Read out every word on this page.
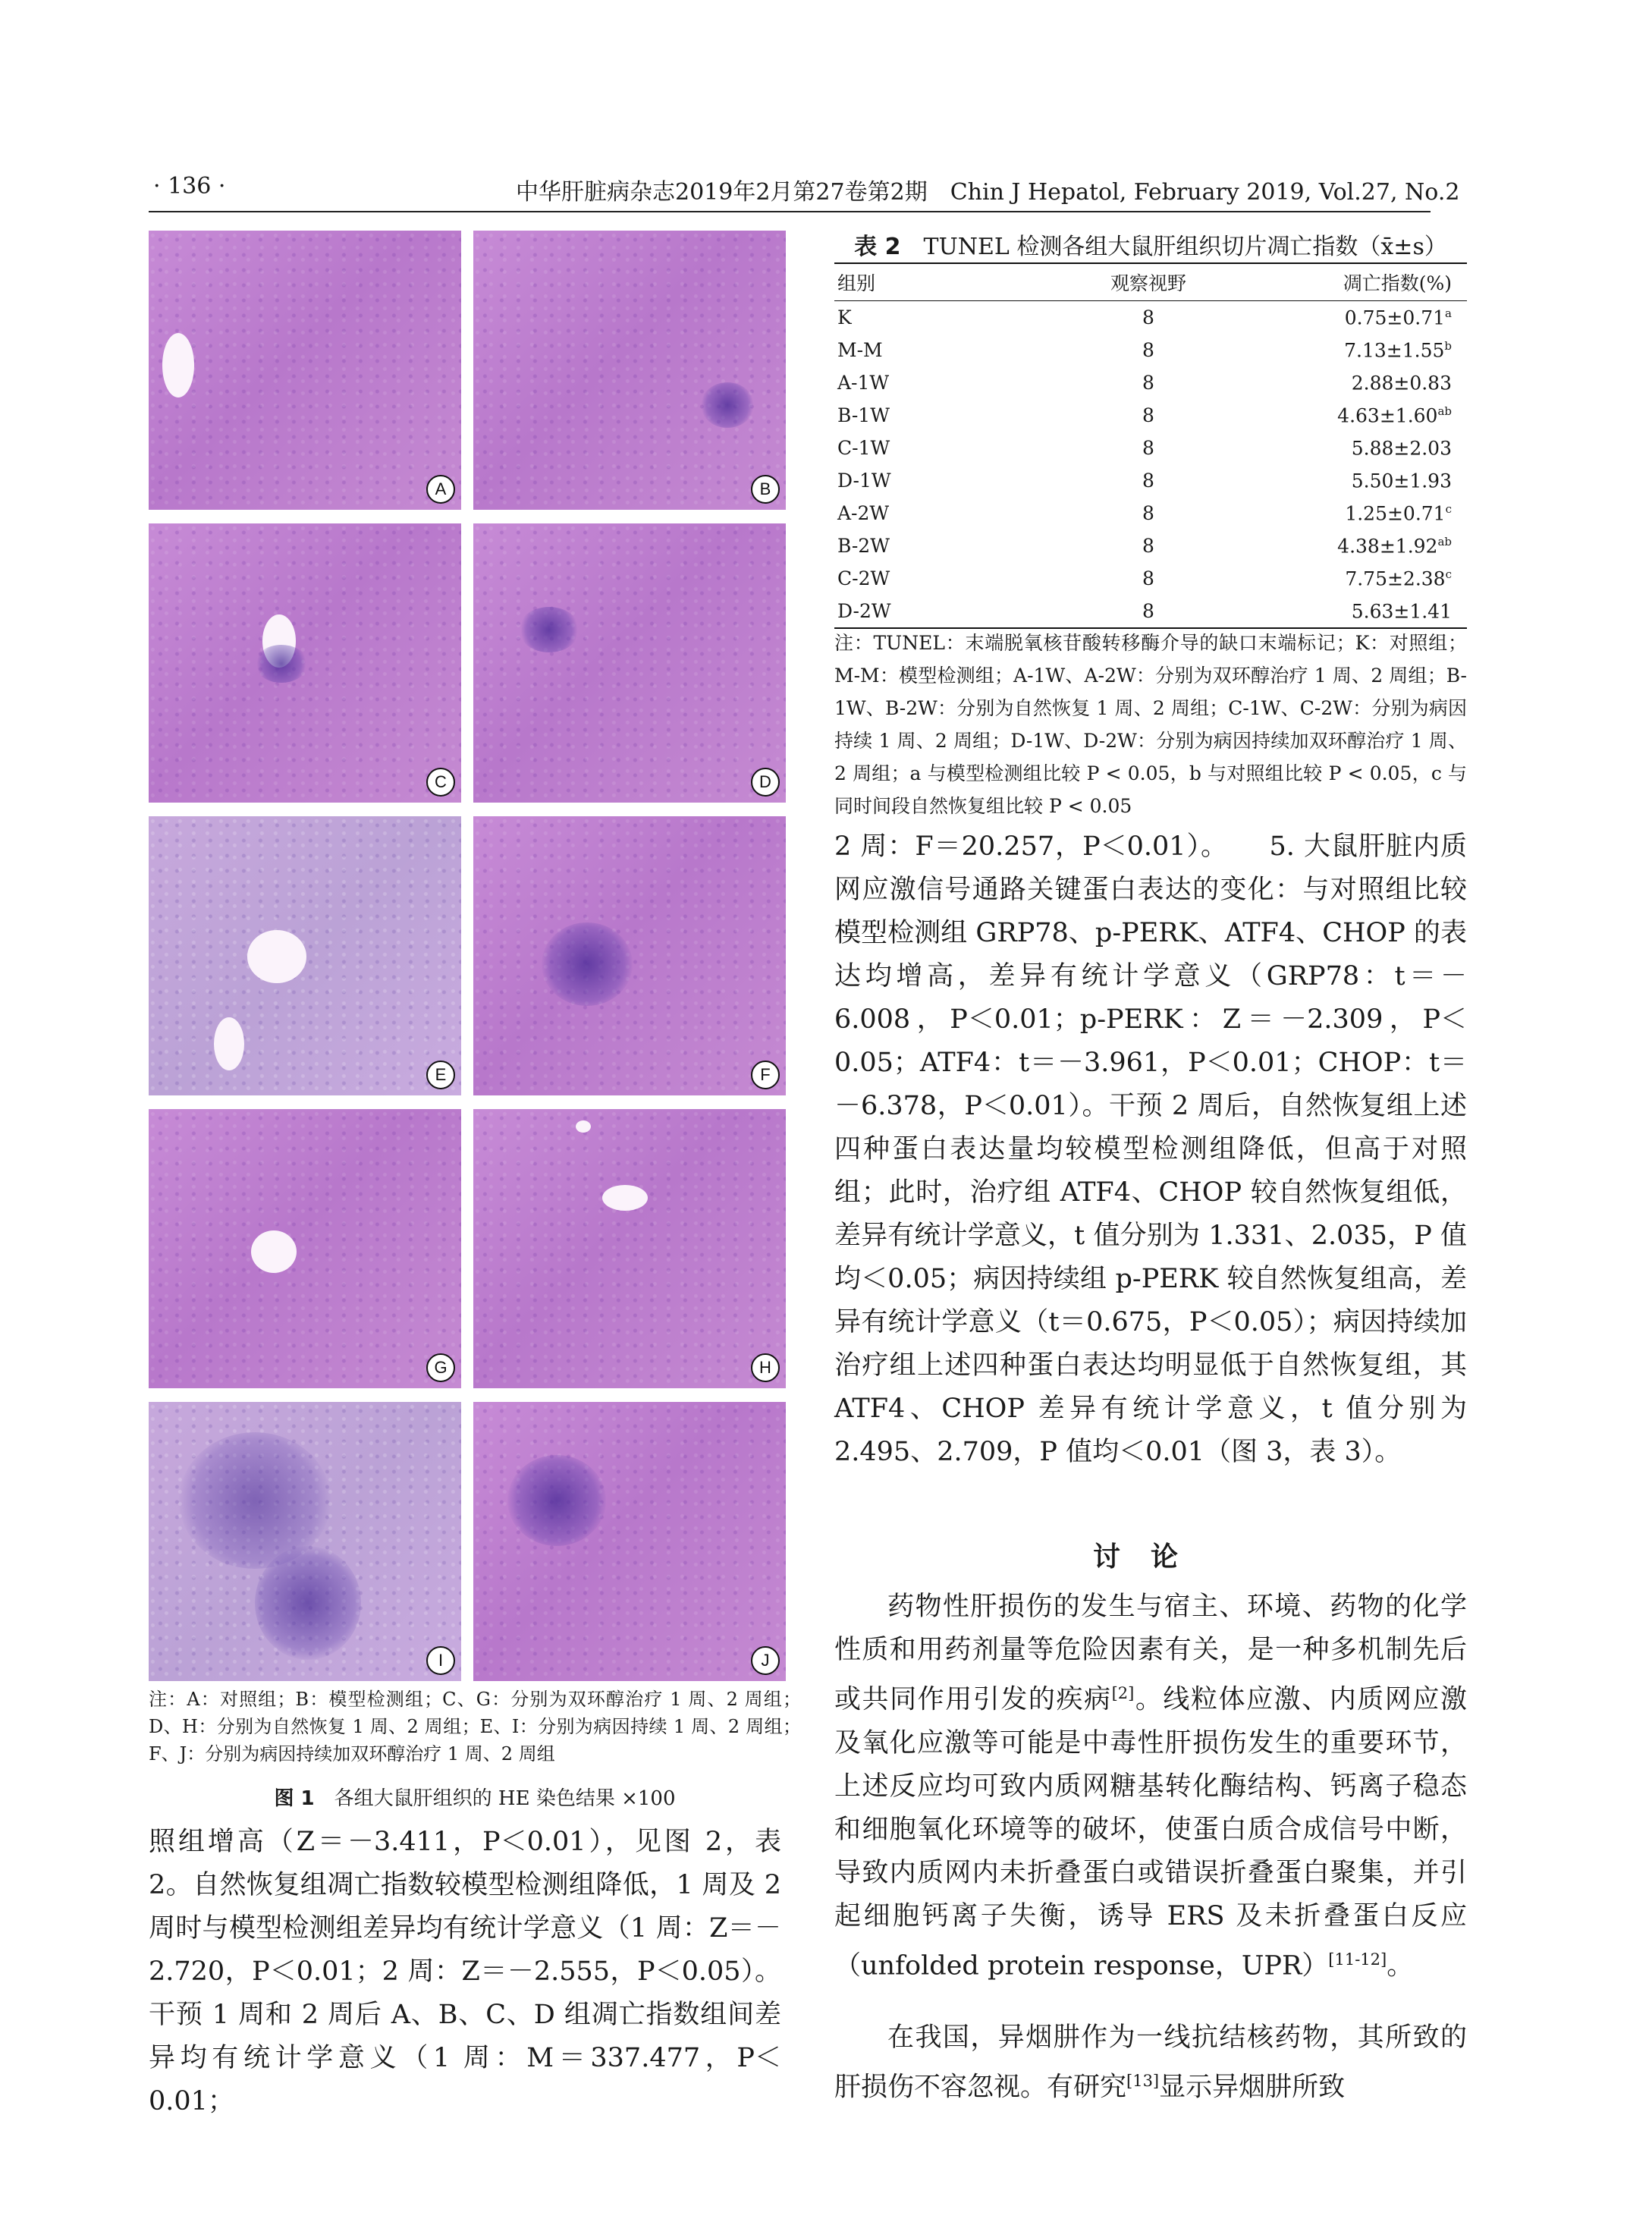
· 136 ·	中华肝脏病杂志2019年2月第27卷第2期　Chin J Hepatol, February 2019, Vol.27, No.2
A	B
C	D
E	F
G	H
I	J
注：A：对照组；B：模型检测组；C、G：分别为双环醇治疗 1 周、2 周组；D、H：分别为自然恢复 1 周、2 周组；E、I：分别为病因持续 1 周、2 周组；F、J：分别为病因持续加双环醇治疗 1 周、2 周组
图 1　 各组大鼠肝组织的 HE 染色结果 ×100
照组增高（Z＝－3.411，P＜0.01），见图 2，表 2。自然恢复组凋亡指数较模型检测组降低，1 周及 2 周时与模型检测组差异均有统计学意义（1 周：Z＝－2.720，P＜0.01；2 周：Z＝－2.555，P＜0.05）。干预 1 周和 2 周后 A、B、C、D 组凋亡指数组间差异均有统计学意义（1 周：M＝337.477，P＜0.01；
表 2　 TUNEL 检测各组大鼠肝组织切片凋亡指数（x̄±s）
组别	观察视野	凋亡指数(%)
K	8	0.75±0.71$^a$
M-M	8	7.13±1.55$^b$
A-1W	8	2.88±0.83
B-1W	8	4.63±1.60$^{ab}$
C-1W	8	5.88±2.03
D-1W	8	5.50±1.93
A-2W	8	1.25±0.71$^c$
B-2W	8	4.38±1.92$^{ab}$
C-2W	8	7.75±2.38$^c$
D-2W	8	5.63±1.41
注：TUNEL：末端脱氧核苷酸转移酶介导的缺口末端标记；K：对照组；M-M：模型检测组；A-1W、A-2W：分别为双环醇治疗 1 周、2 周组；B-1W、B-2W：分别为自然恢复 1 周、2 周组；C-1W、C-2W：分别为病因持续 1 周、2 周组；D-1W、D-2W：分别为病因持续加双环醇治疗 1 周、2 周组；a 与模型检测组比较 P < 0.05，b 与对照组比较 P < 0.05，c 与同时间段自然恢复组比较 P < 0.05
2 周：F＝20.257，P＜0.01）。　　5. 大鼠肝脏内质网应激信号通路关键蛋白表达的变化：与对照组比较模型检测组 GRP78、p-PERK、ATF4、CHOP 的表达均增高，差异有统计学意义（GRP78：t＝－6.008，P＜0.01；p-PERK：Z＝－2.309，P＜0.05；ATF4：t＝－3.961，P＜0.01；CHOP：t＝－6.378，P＜0.01）。干预 2 周后，自然恢复组上述四种蛋白表达量均较模型检测组降低，但高于对照组；此时，治疗组 ATF4、CHOP 较自然恢复组低，差异有统计学意义，t 值分别为 1.331、2.035，P 值均＜0.05；病因持续组 p-PERK 较自然恢复组高，差异有统计学意义（t＝0.675，P＜0.05）；病因持续加治疗组上述四种蛋白表达均明显低于自然恢复组，其 ATF4、CHOP 差异有统计学意义，t 值分别为 2.495、2.709，P 值均＜0.01（图 3，表 3）。
讨论
药物性肝损伤的发生与宿主、环境、药物的化学性质和用药剂量等危险因素有关，是一种多机制先后或共同作用引发的疾病[2]。线粒体应激、内质网应激及氧化应激等可能是中毒性肝损伤发生的重要环节，上述反应均可致内质网糖基转化酶结构、钙离子稳态和细胞氧化环境等的破坏，使蛋白质合成信号中断，导致内质网内未折叠蛋白或错误折叠蛋白聚集，并引起细胞钙离子失衡，诱导 ERS 及未折叠蛋白反应（unfolded protein response，UPR）[11-12]。
在我国，异烟肼作为一线抗结核药物，其所致的肝损伤不容忽视。有研究[13]显示异烟肼所致
